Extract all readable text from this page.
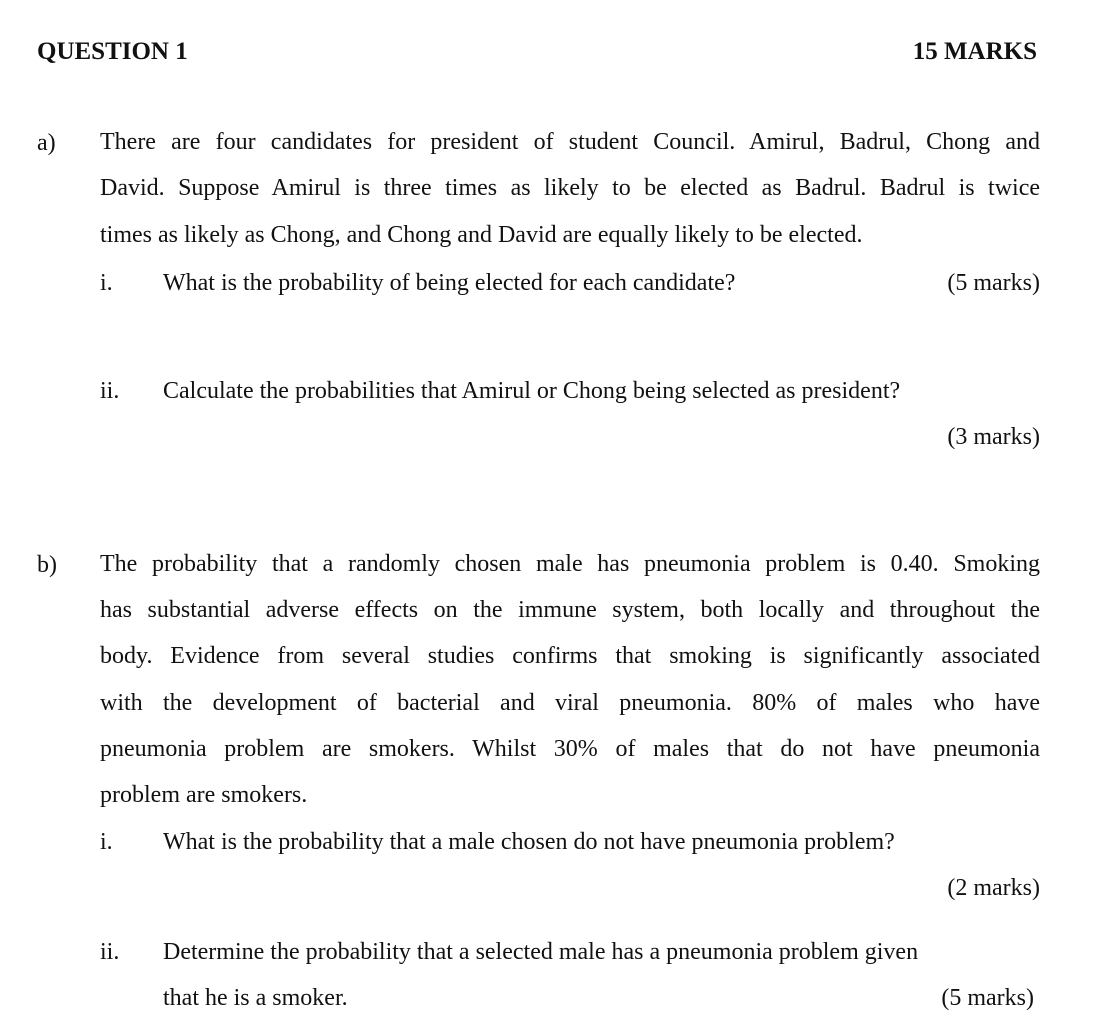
QUESTION 1	15 MARKS
a) There are four candidates for president of student Council. Amirul, Badrul, Chong and
David. Suppose Amirul is three times as likely to be elected as Badrul. Badrul is twice
times as likely as Chong, and Chong and David are equally likely to be elected.
i. What is the probability of being elected for each candidate?	(5 marks)
ii. Calculate the probabilities that Amirul or Chong being selected as president?
(3 marks)
b) The probability that a randomly chosen male has pneumonia problem is 0.40. Smoking
has substantial adverse effects on the immune system, both locally and throughout the
body. Evidence from several studies confirms that smoking is significantly associated
with the development of bacterial and viral pneumonia. 80% of males who have
pneumonia problem are smokers. Whilst 30% of males that do not have pneumonia
problem are smokers.
i. What is the probability that a male chosen do not have pneumonia problem?
(2 marks)
ii. Determine the probability that a selected male has a pneumonia problem given
that he is a smoker.	(5 marks)
